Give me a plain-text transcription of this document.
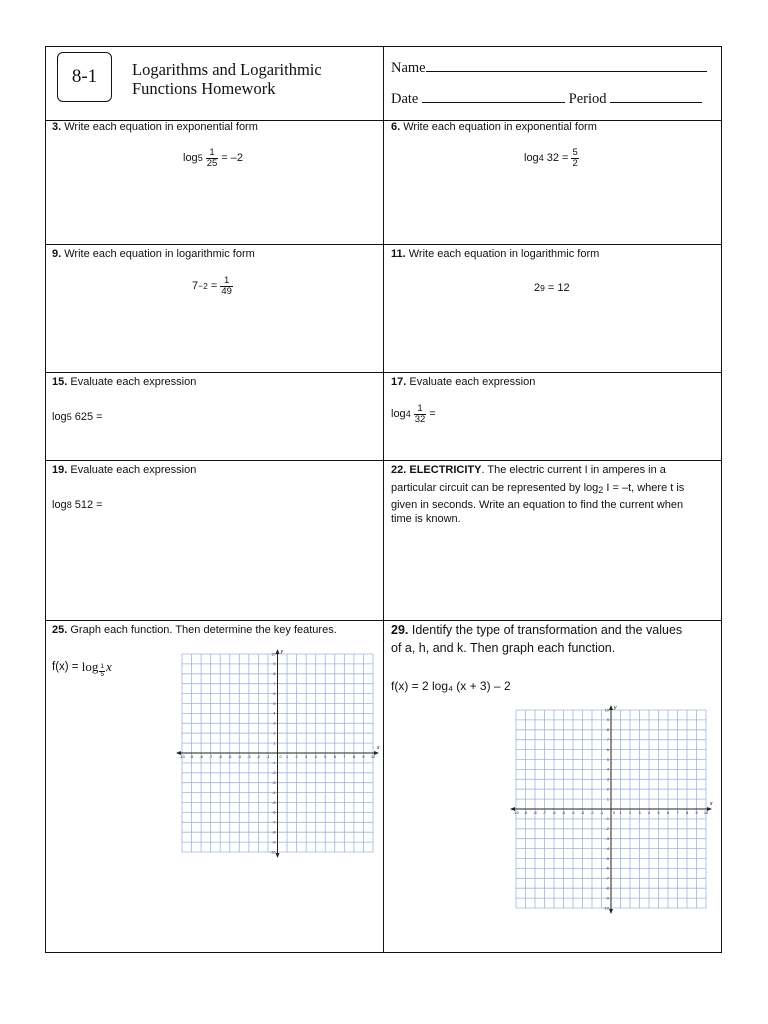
8-1	Logarithms and Logarithmic
Functions Homework
Name
Date	Period
3. Write each equation in exponential form
$\log 5 \frac{1}{25} = -2$
6. Write each equation in exponential form
log 4
$32 = \frac{5}{2}$
9. Write each equation in logarithmic form
7 −2
= $\frac{1}{49}$
11. Write each equation in logarithmic form
2 9
= 12
15. Evaluate each expression
log 5
625 =
17. Evaluate each expression
$\log 4 \frac{1}{32}$ =
19. Evaluate each expression
log 8
512 =
22. ELECTRICITY. The electric current I in amperes in a
particular circuit can be represented by $\log_2 I = -t$, where t is
given in seconds. Write an equation to find the current when
time is known.
25. Graph each function. Then determine the key features.
f(x) =
$\log \frac{1}{5}$ x
x
y
-10
-10
-9
-9
-8
-8
-7
-7
-6
-6
-5
-5
-4
-4
-3
-3
-2
-2
-1
-1
1
1
2
2
3
3
4
4
5
5
6
6
7
7
8
8
9
9
10
10
0
29. Identify the type of transformation and the values
of a, h, and k. Then graph each function.
f(x) = 2 log₄ (x + 3) – 2
x
y
-10
-10
-9
-9
-8
-8
-7
-7
-6
-6
-5
-5
-4
-4
-3
-3
-2
-2
-1
-1
1
1
2
2
3
3
4
4
5
5
6
6
7
7
8
8
9
9
10
10
0
